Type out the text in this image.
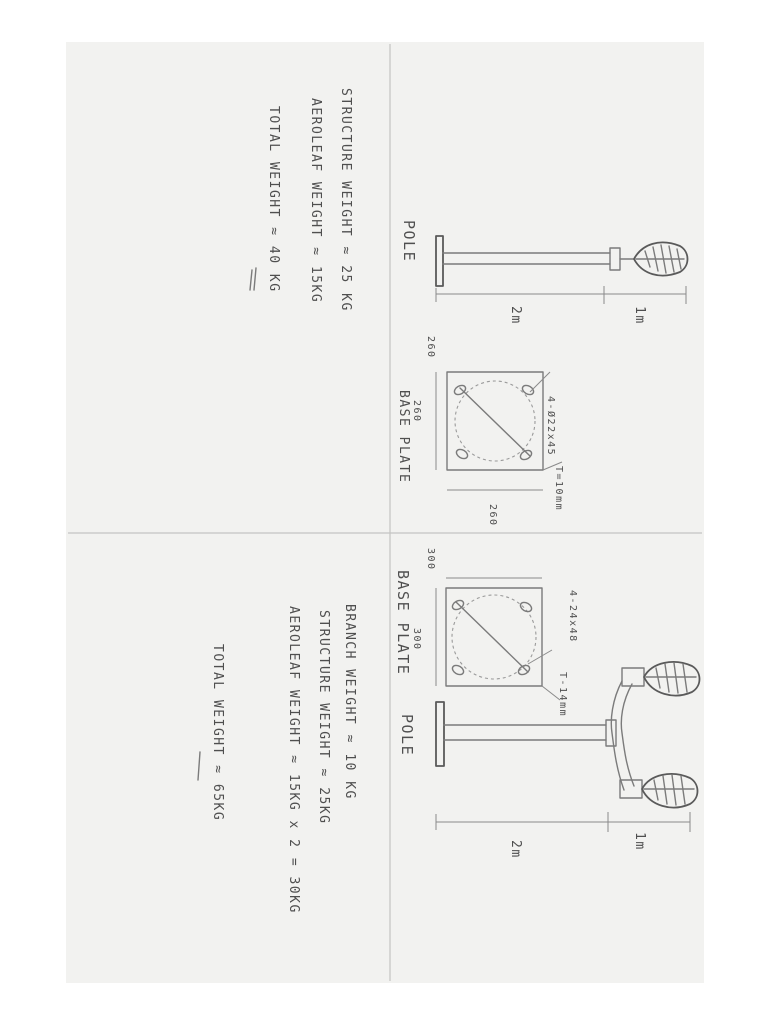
1m
2m
POLE
260
260
260
4-Ø22x45
T=10mm
BASE PLATE
STRUCTURE WEIGHT ≈ 25 KG
AEROLEAF WEIGHT ≈ 15KG
TOTAL WEIGHT ≈ 40 KG
1m
2m
POLE
300
300	4-24x48
T-14mm
BASE PLATE
BRANCH WEIGHT ≈ 10 KG
STRUCTURE WEIGHT ≈ 25KG
AEROLEAF WEIGHT ≈ 15KG x 2 = 30KG
TOTAL WEIGHT ≈ 65KG
